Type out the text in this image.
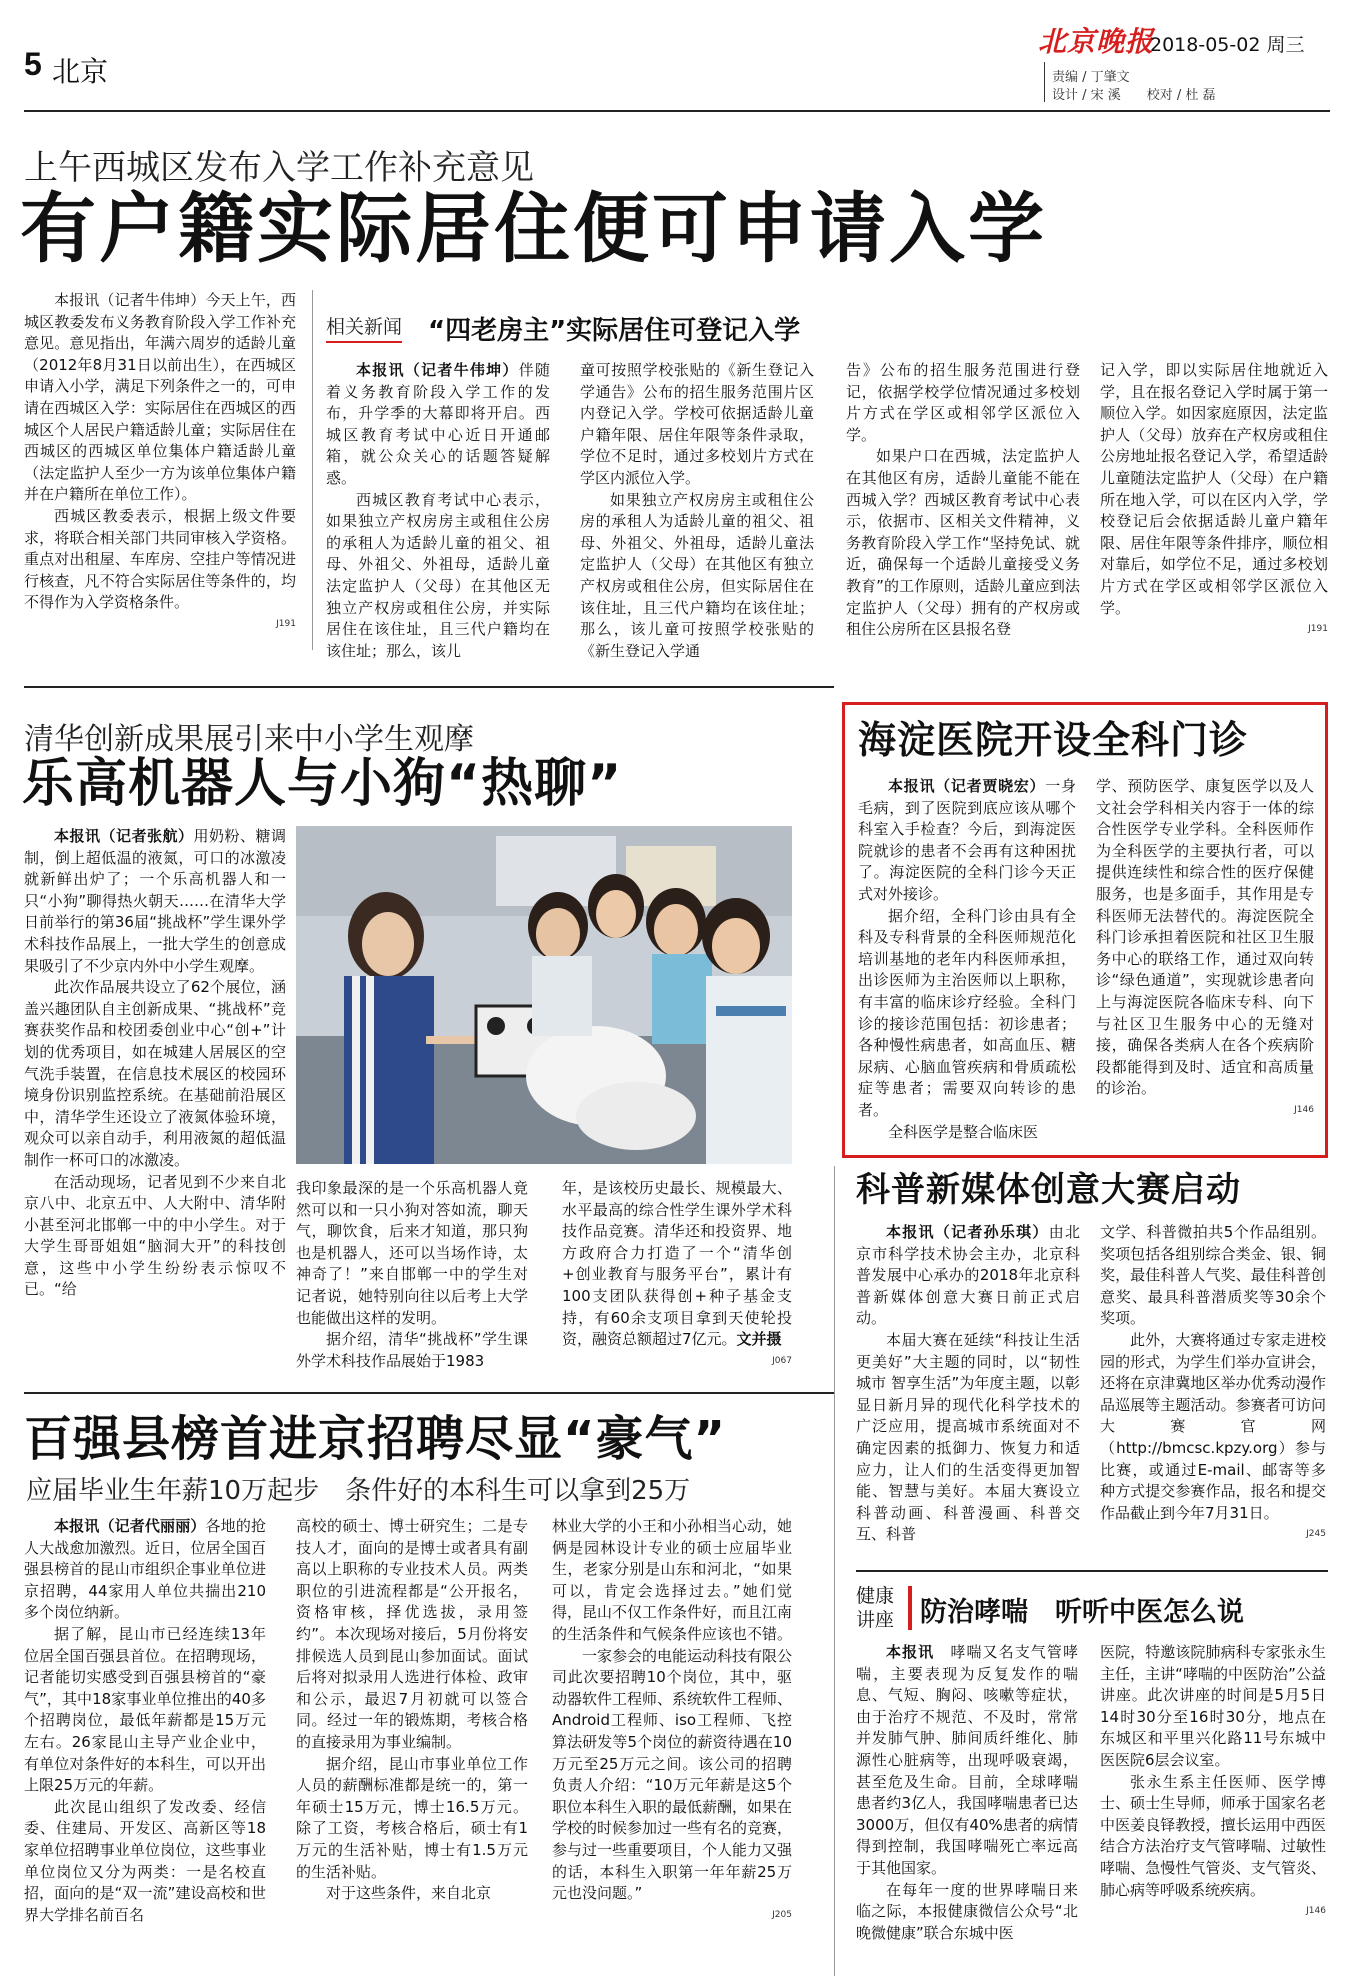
5 北京
北京晚报
2018-05-02 周三
责编 / 丁肇文
设计 / 宋 溪　　校对 / 杜 磊
上午西城区发布入学工作补充意见
有户籍实际居住便可申请入学

本报讯（记者牛伟坤）今天上午，西城区教委发布义务教育阶段入学工作补充意见。意见指出，年满六周岁的适龄儿童（2012年8月31日以前出生），在西城区申请入小学，满足下列条件之一的，可申请在西城区入学：实际居住在西城区的西城区个人居民户籍适龄儿童；实际居住在西城区的西城区单位集体户籍适龄儿童（法定监护人至少一方为该单位集体户籍并在户籍所在单位工作）。

西城区教委表示，根据上级文件要求，将联合相关部门共同审核入学资格。重点对出租屋、车库房、空挂户等情况进行核查，凡不符合实际居住等条件的，均不得作为入学资格条件。

J191
相关新闻 “四老房主”实际居住可登记入学

本报讯（记者牛伟坤）伴随着义务教育阶段入学工作的发布，升学季的大幕即将开启。西城区教育考试中心近日开通邮箱，就公众关心的话题答疑解惑。

西城区教育考试中心表示，如果独立产权房房主或租住公房的承租人为适龄儿童的祖父、祖母、外祖父、外祖母，适龄儿童法定监护人（父母）在其他区无独立产权房或租住公房，并实际居住在该住址，且三代户籍均在该住址；那么，该儿

童可按照学校张贴的《新生登记入学通告》公布的招生服务范围片区内登记入学。学校可依据适龄儿童户籍年限、居住年限等条件录取，学位不足时，通过多校划片方式在学区内派位入学。

如果独立产权房房主或租住公房的承租人为适龄儿童的祖父、祖母、外祖父、外祖母，适龄儿童法定监护人（父母）在其他区有独立产权房或租住公房，但实际居住在该住址，且三代户籍均在该住址；那么，该儿童可按照学校张贴的《新生登记入学通

告》公布的招生服务范围进行登记，依据学校学位情况通过多校划片方式在学区或相邻学区派位入学。

如果户口在西城，法定监护人在其他区有房，适龄儿童能不能在西城入学？西城区教育考试中心表示，依据市、区相关文件精神，义务教育阶段入学工作“坚持免试、就近，确保每一个适龄儿童接受义务教育”的工作原则，适龄儿童应到法定监护人（父母）拥有的产权房或租住公房所在区县报名登

记入学，即以实际居住地就近入学，且在报名登记入学时属于第一顺位入学。如因家庭原因，法定监护人（父母）放弃在产权房或租住公房地址报名登记入学，希望适龄儿童随法定监护人（父母）在户籍所在地入学，可以在区内入学，学校登记后会依据适龄儿童户籍年限、居住年限等条件排序，顺位相对靠后，如学位不足，通过多校划片方式在学区或相邻学区派位入学。

J191
清华创新成果展引来中小学生观摩
乐高机器人与小狗“热聊”

本报讯（记者张航）用奶粉、糖调制，倒上超低温的液氮，可口的冰激凌就新鲜出炉了；一个乐高机器人和一只“小狗”聊得热火朝天……在清华大学日前举行的第36届“挑战杯”学生课外学术科技作品展上，一批大学生的创意成果吸引了不少京内外中小学生观摩。

此次作品展共设立了62个展位，涵盖兴趣团队自主创新成果、“挑战杯”竞赛获奖作品和校团委创业中心“创+”计划的优秀项目，如在城建人居展区的空气洗手装置，在信息技术展区的校园环境身份识别监控系统。在基础前沿展区中，清华学生还设立了液氮体验环境，观众可以亲自动手，利用液氮的超低温制作一杯可口的冰激凌。

在活动现场，记者见到不少来自北京八中、北京五中、人大附中、清华附小甚至河北邯郸一中的中小学生。对于大学生哥哥姐姐“脑洞大开”的科技创意，这些中小学生纷纷表示惊叹不已。“给

我印象最深的是一个乐高机器人竟然可以和一只小狗对答如流，聊天气，聊饮食，后来才知道，那只狗也是机器人，还可以当场作诗，太神奇了！”来自邯郸一中的学生对记者说，她特别向往以后考上大学也能做出这样的发明。

据介绍，清华“挑战杯”学生课外学术科技作品展始于1983

年，是该校历史最长、规模最大、水平最高的综合性学生课外学术科技作品竞赛。清华还和投资界、地方政府合力打造了一个“清华创+创业教育与服务平台”，累计有100支团队获得创+种子基金支持，有60余支项目拿到天使轮投资，融资总额超过7亿元。文并摄

J067
海淀医院开设全科门诊

本报讯（记者贾晓宏）一身毛病，到了医院到底应该从哪个科室入手检查？今后，到海淀医院就诊的患者不会再有这种困扰了。海淀医院的全科门诊今天正式对外接诊。

据介绍，全科门诊由具有全科及专科背景的全科医师规范化培训基地的老年内科医师承担，出诊医师为主治医师以上职称，有丰富的临床诊疗经验。全科门诊的接诊范围包括：初诊患者；各种慢性病患者，如高血压、糖尿病、心脑血管疾病和骨质疏松症等患者；需要双向转诊的患者。

全科医学是整合临床医

学、预防医学、康复医学以及人文社会学科相关内容于一体的综合性医学专业学科。全科医师作为全科医学的主要执行者，可以提供连续性和综合性的医疗保健服务，也是多面手，其作用是专科医师无法替代的。海淀医院全科门诊承担着医院和社区卫生服务中心的联络工作，通过双向转诊“绿色通道”，实现就诊患者向上与海淀医院各临床专科、向下与社区卫生服务中心的无缝对接，确保各类病人在各个疾病阶段都能得到及时、适宜和高质量的诊治。

J146
科普新媒体创意大赛启动

本报讯（记者孙乐琪）由北京市科学技术协会主办，北京科普发展中心承办的2018年北京科普新媒体创意大赛日前正式启动。

本届大赛在延续“科技让生活更美好”大主题的同时，以“韧性城市 智享生活”为年度主题，以彰显日新月异的现代化科学技术的广泛应用，提高城市系统面对不确定因素的抵御力、恢复力和适应力，让人们的生活变得更加智能、智慧与美好。本届大赛设立科普动画、科普漫画、科普交互、科普

文学、科普微拍共5个作品组别。奖项包括各组别综合类金、银、铜奖，最佳科普人气奖、最佳科普创意奖、最具科普潜质奖等30余个奖项。

此外，大赛将通过专家走进校园的形式，为学生们举办宣讲会，还将在京津冀地区举办优秀动漫作品巡展等主题活动。参赛者可访问大赛官网（http://bmcsc.kpzy.org）参与比赛，或通过E-mail、邮寄等多种方式提交参赛作品，报名和提交作品截止到今年7月31日。

J245
百强县榜首进京招聘尽显“豪气”
应届毕业生年薪10万起步　条件好的本科生可以拿到25万

本报讯（记者代丽丽）各地的抢人大战愈加激烈。近日，位居全国百强县榜首的昆山市组织企事业单位进京招聘，44家用人单位共揣出210多个岗位纳新。

据了解，昆山市已经连续13年位居全国百强县首位。在招聘现场，记者能切实感受到百强县榜首的“豪气”，其中18家事业单位推出的40多个招聘岗位，最低年薪都是15万元左右。26家昆山主导产业企业中，有单位对条件好的本科生，可以开出上限25万元的年薪。

此次昆山组织了发改委、经信委、住建局、开发区、高新区等18家单位招聘事业单位岗位，这些事业单位岗位又分为两类：一是名校直招，面向的是“双一流”建设高校和世界大学排名前百名

高校的硕士、博士研究生；二是专技人才，面向的是博士或者具有副高以上职称的专业技术人员。两类职位的引进流程都是“公开报名，资格审核，择优选拔，录用签约”。本次现场对接后，5月份将安排候选人员到昆山参加面试。面试后将对拟录用人选进行体检、政审和公示，最迟7月初就可以签合同。经过一年的锻炼期，考核合格的直接录用为事业编制。

据介绍，昆山市事业单位工作人员的薪酬标准都是统一的，第一年硕士15万元，博士16.5万元。除了工资，考核合格后，硕士有1万元的生活补贴，博士有1.5万元的生活补贴。

对于这些条件，来自北京

林业大学的小王和小孙相当心动，她俩是园林设计专业的硕士应届毕业生，老家分别是山东和河北，“如果可以，肯定会选择过去。”她们觉得，昆山不仅工作条件好，而且江南的生活条件和气候条件应该也不错。

一家参会的电能运动科技有限公司此次要招聘10个岗位，其中，驱动器软件工程师、系统软件工程师、Android工程师、iso工程师、飞控算法研发等5个岗位的薪资待遇在10万元至25万元之间。该公司的招聘负责人介绍：“10万元年薪是这5个职位本科生入职的最低薪酬，如果在学校的时候参加过一些有名的竞赛，参与过一些重要项目，个人能力又强的话，本科生入职第一年年薪25万元也没问题。”

J205
健康
讲座 防治哮喘　听听中医怎么说

本报讯　哮喘又名支气管哮喘，主要表现为反复发作的喘息、气短、胸闷、咳嗽等症状，由于治疗不规范、不及时，常常并发肺气肿、肺间质纤维化、肺源性心脏病等，出现呼吸衰竭，甚至危及生命。目前，全球哮喘患者约3亿人，我国哮喘患者已达3000万，但仅有40%患者的病情得到控制，我国哮喘死亡率远高于其他国家。

在每年一度的世界哮喘日来临之际，本报健康微信公众号“北晚微健康”联合东城中医

医院，特邀该院肺病科专家张永生主任，主讲“哮喘的中医防治”公益讲座。此次讲座的时间是5月5日14时30分至16时30分，地点在东城区和平里兴化路11号东城中医医院6层会议室。

张永生系主任医师、医学博士、硕士生导师，师承于国家名老中医姜良铎教授，擅长运用中西医结合方法治疗支气管哮喘、过敏性哮喘、急慢性气管炎、支气管炎、肺心病等呼吸系统疾病。

J146
